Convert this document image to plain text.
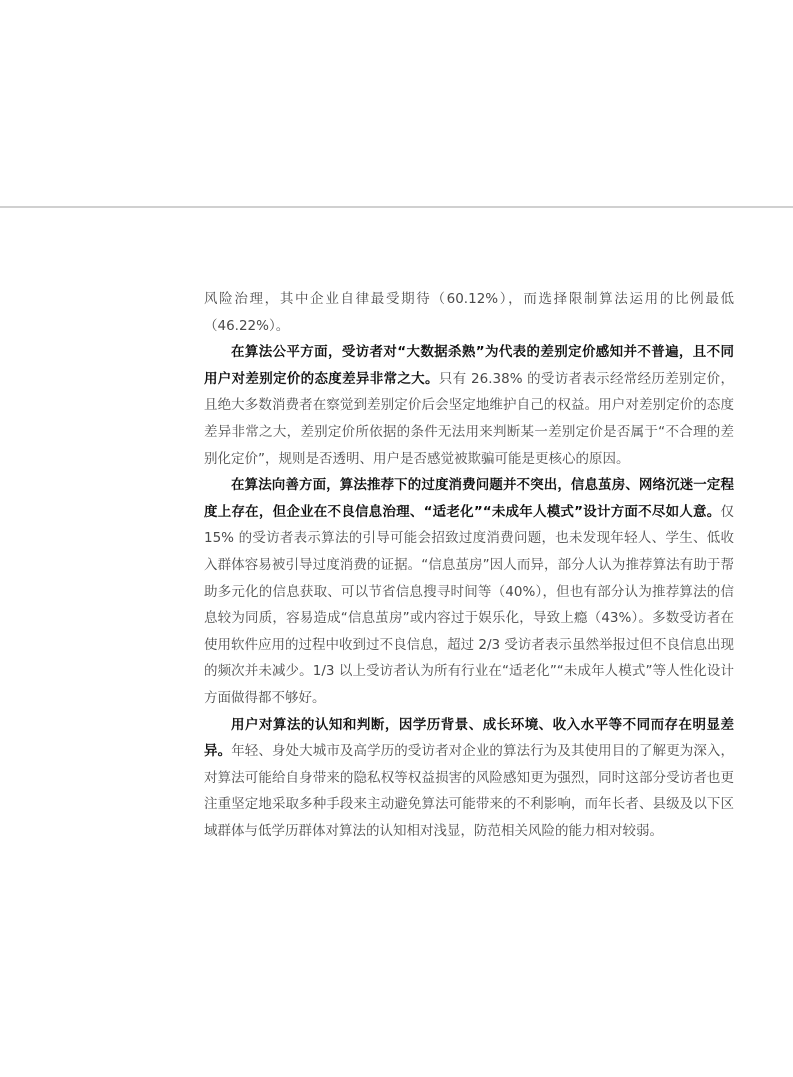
风险治理，其中企业自律最受期待（60.12%），而选择限制算法运用的比例最低（46.22%）。

在算法公平方面，受访者对“大数据杀熟”为代表的差别定价感知并不普遍，且不同用户对差别定价的态度差异非常之大。只有 26.38% 的受访者表示经常经历差别定价，且绝大多数消费者在察觉到差别定价后会坚定地维护自己的权益。用户对差别定价的态度差异非常之大，差别定价所依据的条件无法用来判断某一差别定价是否属于“不合理的差别化定价”，规则是否透明、用户是否感觉被欺骗可能是更核心的原因。

在算法向善方面，算法推荐下的过度消费问题并不突出，信息茧房、网络沉迷一定程度上存在，但企业在不良信息治理、“适老化”“未成年人模式”设计方面不尽如人意。仅 15% 的受访者表示算法的引导可能会招致过度消费问题，也未发现年轻人、学生、低收入群体容易被引导过度消费的证据。“信息茧房”因人而异，部分人认为推荐算法有助于帮助多元化的信息获取、可以节省信息搜寻时间等（40%），但也有部分认为推荐算法的信息较为同质，容易造成“信息茧房”或内容过于娱乐化，导致上瘾（43%）。多数受访者在使用软件应用的过程中收到过不良信息，超过 2/3 受访者表示虽然举报过但不良信息出现的频次并未减少。1/3 以上受访者认为所有行业在“适老化”“未成年人模式”等人性化设计方面做得都不够好。

用户对算法的认知和判断，因学历背景、成长环境、收入水平等不同而存在明显差异。年轻、身处大城市及高学历的受访者对企业的算法行为及其使用目的了解更为深入，对算法可能给自身带来的隐私权等权益损害的风险感知更为强烈，同时这部分受访者也更注重坚定地采取多种手段来主动避免算法可能带来的不利影响，而年长者、县级及以下区域群体与低学历群体对算法的认知相对浅显，防范相关风险的能力相对较弱。
